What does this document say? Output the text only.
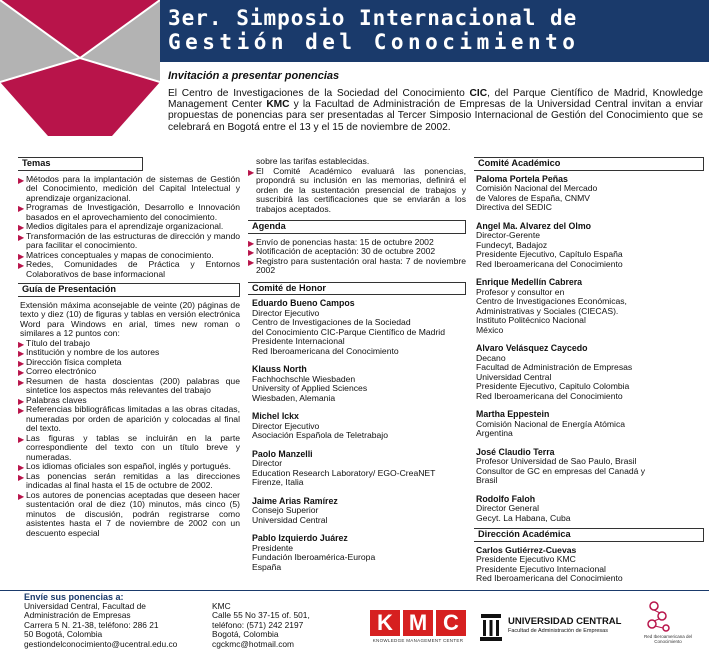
3er. Simposio Internacional de
Gestión del Conocimiento
Invitación a presentar ponencias
El Centro de Investigaciones de la Sociedad del Conocimiento CIC, del Parque Científico de Madrid, Knowledge Management Center KMC y la Facultad de Administración de Empresas de la Universidad Central invitan a enviar propuestas de ponencias para ser presentadas al Tercer Simposio Internacional de Gestión del Conocimiento que se celebrará en Bogotá entre el 13 y el 15 de noviembre de 2002.
Temas
▶ Métodos para la implantación de sistemas de Gestión del Conocimiento, medición del Capital Intelectual y aprendizaje organizacional.
▶ Programas de Investigación, Desarrollo e Innovación basados en el aprovechamiento del conocimiento.
▶ Medios digitales para el aprendizaje organizacional.
▶ Transformación de las estructuras de dirección y mando para facilitar el conocimiento.
▶ Matrices conceptuales y mapas de conocimiento.
▶ Redes, Comunidades de Práctica y Entornos Colaborativos de base informacional
Guía de Presentación
Extensión máxima aconsejable de veinte (20) páginas de texto y diez (10) de figuras y tablas en versión electrónica Word para Windows en arial, times new roman o similares a 12 puntos con:
▶ Título del trabajo
▶ Institución y nombre de los autores
▶ Dirección física completa
▶ Correo electrónico
▶ Resumen de hasta doscientas (200) palabras que sintetice los aspectos más relevantes del trabajo
▶ Palabras claves
▶ Referencias bibliográficas limitadas a las obras citadas, numeradas por orden de aparición y colocadas al final del texto.
▶ Las figuras y tablas se incluirán en la parte correspondiente del texto con un título breve y numeradas.
▶ Los idiomas oficiales son español, inglés y portugués.
▶ Las ponencias serán remitidas a las direcciones indicadas al final hasta el 15 de octubre de 2002.
▶ Los autores de ponencias aceptadas que deseen hacer sustentación oral de diez (10) minutos, más cinco (5) minutos de discusión, podrán registrarse como asistentes hasta el 7 de noviembre de 2002 con un descuento especial
sobre las tarifas establecidas.
▶ El Comité Académico evaluará las ponencias, propondrá su inclusión en las memorias, definirá el orden de la sustentación presencial de trabajos y suscribirá las certificaciones que se enviarán a los trabajos aceptados.
Agenda
▶ Envío de ponencias hasta: 15 de octubre 2002
▶ Notificación de aceptación: 30 de octubre 2002
▶ Registro para sustentación oral hasta: 7 de noviembre 2002
Comité de Honor
Eduardo Bueno Campos
Director Ejecutivo
Centro de Investigaciones de la Sociedad
del Conocimiento CIC-Parque Científico de Madrid
Presidente Internacional
Red Iberoamericana del Conocimiento
Klauss North
Fachhochschle Wiesbaden
University of Applied Sciences
Wiesbaden, Alemania
Michel Ickx
Director Ejecutivo
Asociación Española de Teletrabajo
Paolo Manzelli
Director
Education Research Laboratory/ EGO-CreaNET
Firenze, Italia
Jaime Arias Ramírez
Consejo Superior
Universidad Central
Pablo Izquierdo Juárez
Presidente
Fundación Iberoamérica-Europa
España
Comité Académico
Paloma Portela Peñas
Comisión Nacional del Mercado
de Valores de España, CNMV
Directiva del SEDIC
Angel Ma. Alvarez del Olmo
Director-Gerente
Fundecyt, Badajoz
Presidente Ejecutivo, Capítulo España
Red Iberoamericana del Conocimiento
Enrique Medellín Cabrera
Profesor y consultor en
Centro de Investigaciones Económicas,
Administrativas y Sociales (CIECAS).
Instituto Politécnico Nacional
México
Alvaro Velásquez Caycedo
Decano
Facultad de Administración de Empresas
Universidad Central
Presidente Ejecutivo, Capitulo Colombia
Red Iberoamericana del Conocimiento
Martha Eppestein
Comisión Nacional de Energía Atómica
Argentina
José Claudio Terra
Profesor Universidad de Sao Paulo, Brasil
Consultor de GC en empresas del Canadá y
Brasil
Rodolfo Faloh
Director General
Gecyt. La Habana, Cuba
Dirección Académica
Carlos Gutiérrez-Cuevas
Presidente Ejecutivo KMC
Presidente Ejecutivo Internacional
Red Iberoamericana del Conocimiento
Envíe sus ponencias a:
Universidad Central, Facultad de
Administración de Empresas
Carrera 5 N. 21-38, teléfono: 286 21
50 Bogotá, Colombia
gestiondelconocimiento@ucentral.edu.co
KMC
Calle 55 No 37-15 of. 501,
teléfono: (571) 242 2197
Bogotá, Colombia
cgckmc@hotmail.com
K M C
KNOWLEDGE MANAGEMENT CENTER
UNIVERSIDAD CENTRAL
Facultad de Administración de Empresas
Red Iberoamericana del Conocimiento
